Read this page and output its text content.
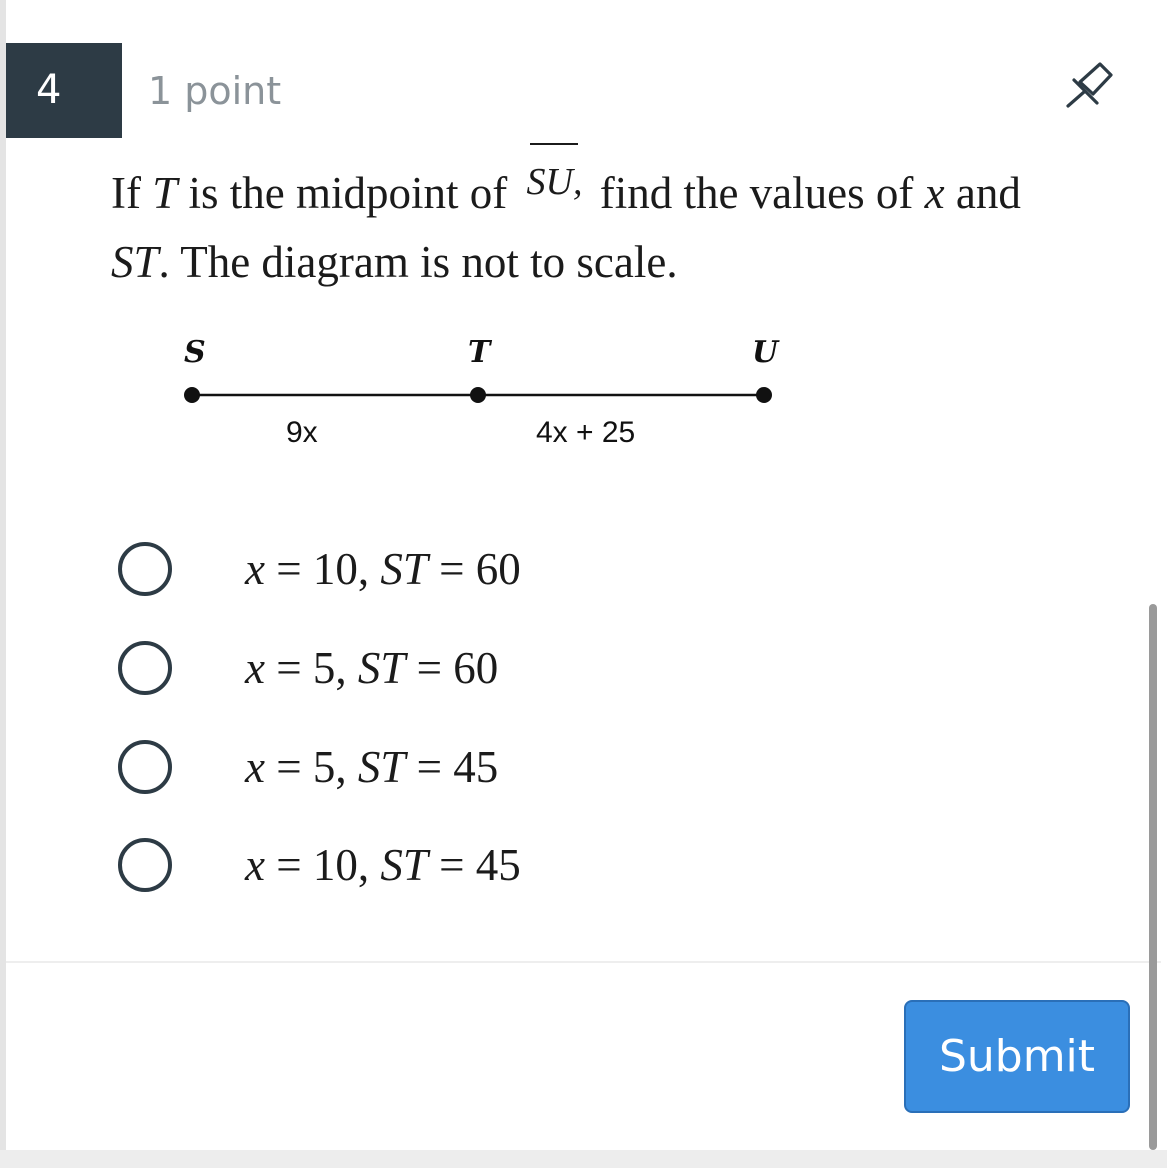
4	1 point
If T is the midpoint of SU, find the values of x and
ST. The diagram is not to scale.
S	T	U
9x	4x + 25
x = 10, ST = 60
x = 5, ST = 60
x = 5, ST = 45
x = 10, ST = 45
Submit
